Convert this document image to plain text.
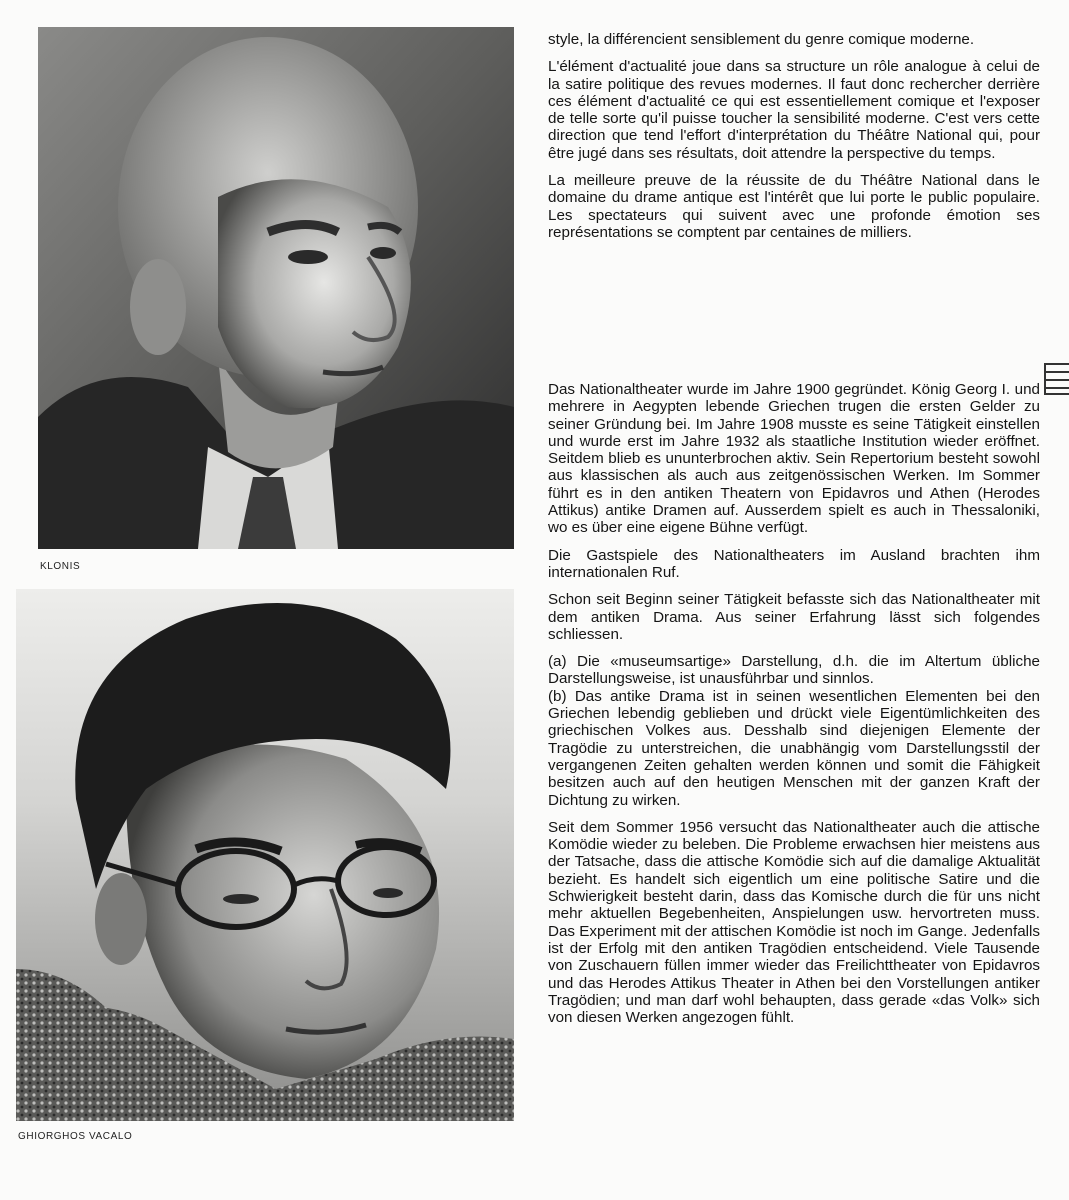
KLONIS
GHIORGHOS VACALO

style, la différencient sensiblement du genre comique moderne.

L'élément d'actualité joue dans sa structure un rôle analogue à celui de la satire politique des revues modernes. Il faut donc rechercher derrière ces élément d'actualité ce qui est essentiellement comique et l'exposer de telle sorte qu'il puisse toucher la sensibilité moderne. C'est vers cette direction que tend l'effort d'interprétation du Théâtre National qui, pour être jugé dans ses résultats, doit attendre la perspective du temps.

La meilleure preuve de la réussite de du Théâtre National dans le domaine du drame antique est l'intérêt que lui porte le public populaire. Les spectateurs qui suivent avec une profonde émotion ses représentations se comptent par centaines de milliers.

Das Nationaltheater wurde im Jahre 1900 gegründet. König Georg I. und mehrere in Aegypten lebende Griechen trugen die ersten Gelder zu seiner Gründung bei. Im Jahre 1908 musste es seine Tätigkeit einstellen und wurde erst im Jahre 1932 als staatliche Institution wieder eröffnet. Seitdem blieb es ununterbrochen aktiv. Sein Repertorium besteht sowohl aus klassischen als auch aus zeitgenössischen Werken. Im Sommer führt es in den antiken Theatern von Epidavros und Athen (Herodes Attikus) antike Dramen auf. Ausserdem spielt es auch in Thessaloniki, wo es über eine eigene Bühne verfügt.

Die Gastspiele des Nationaltheaters im Ausland brachten ihm internationalen Ruf.

Schon seit Beginn seiner Tätigkeit befasste sich das Nationaltheater mit dem antiken Drama. Aus seiner Erfahrung lässt sich folgendes schliessen.

(a) Die «museumsartige» Darstellung, d.h. die im Altertum übliche Darstellungsweise, ist unausführbar und sinnlos.

(b) Das antike Drama ist in seinen wesentlichen Elementen bei den Griechen lebendig geblieben und drückt viele Eigentümlichkeiten des griechischen Volkes aus. Desshalb sind diejenigen Elemente der Tragödie zu unterstreichen, die unabhängig vom Darstellungsstil der vergangenen Zeiten gehalten werden können und somit die Fähigkeit besitzen auch auf den heutigen Menschen mit der ganzen Kraft der Dichtung zu wirken.

Seit dem Sommer 1956 versucht das Nationaltheater auch die attische Komödie wieder zu beleben. Die Probleme erwachsen hier meistens aus der Tatsache, dass die attische Komödie sich auf die damalige Aktualität bezieht. Es handelt sich eigentlich um eine politische Satire und die Schwierigkeit besteht darin, dass das Komische durch die für uns nicht mehr aktuellen Begebenheiten, Anspielungen usw. hervortreten muss. Das Experiment mit der attischen Komödie ist noch im Gange. Jedenfalls ist der Erfolg mit den antiken Tragödien entscheidend. Viele Tausende von Zuschauern füllen immer wieder das Freilichttheater von Epidavros und das Herodes Attikus Theater in Athen bei den Vorstellungen antiker Tragödien; und man darf wohl behaupten, dass gerade «das Volk» sich von diesen Werken angezogen fühlt.
